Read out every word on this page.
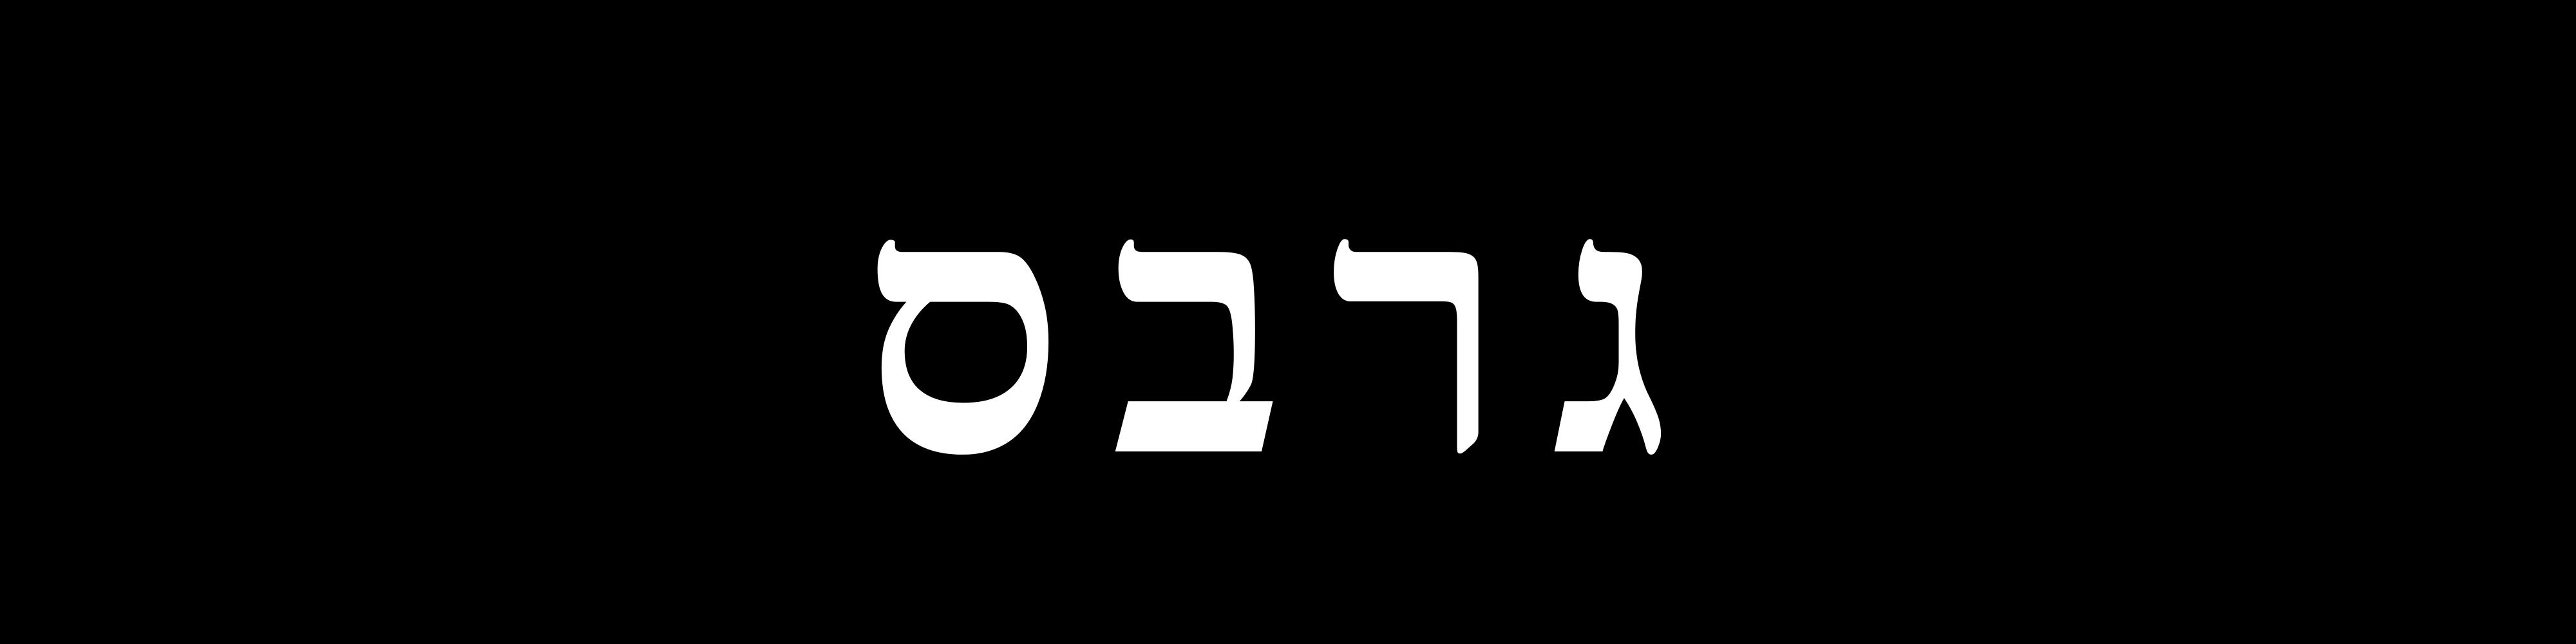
גרבס
